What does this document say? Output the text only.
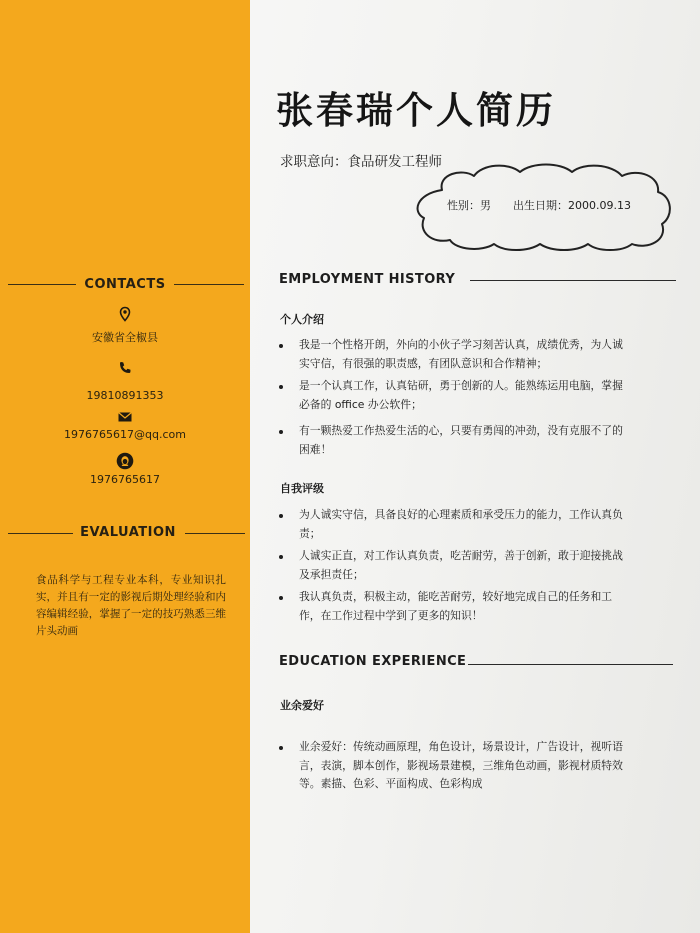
CONTACTS
安徽省全椒县
19810891353
1976765617@qq.com
1976765617
EVALUATION
食品科学与工程专业本科，专业知识扎实，并且有一定的影视后期处理经验和内容编辑经验，掌握了一定的技巧熟悉三维片头动画
张春瑞个人简历
求职意向：食品研发工程师
性别：男 出生日期：2000.09.13
EMPLOYMENT HISTORY
个人介绍
我是一个性格开朗，外向的小伙子学习刻苦认真，成绩优秀，为人诚实守信，有很强的职责感，有团队意识和合作精神；
是一个认真工作，认真钻研，勇于创新的人。能熟练运用电脑，掌握必备的 office 办公软件；
有一颗热爱工作热爱生活的心，只要有勇闯的冲劲，没有克服不了的困难！
自我评级
为人诚实守信，具备良好的心理素质和承受压力的能力，工作认真负责；
人诚实正直，对工作认真负责，吃苦耐劳，善于创新，敢于迎接挑战及承担责任；
我认真负责，积极主动，能吃苦耐劳，较好地完成自己的任务和工作，在工作过程中学到了更多的知识！
EDUCATION EXPERIENCE
业余爱好
业余爱好：传统动画原理，角色设计，场景设计，广告设计，视听语言，表演，脚本创作，影视场景建模，三维角色动画，影视材质特效等。素描、色彩、平面构成、色彩构成
